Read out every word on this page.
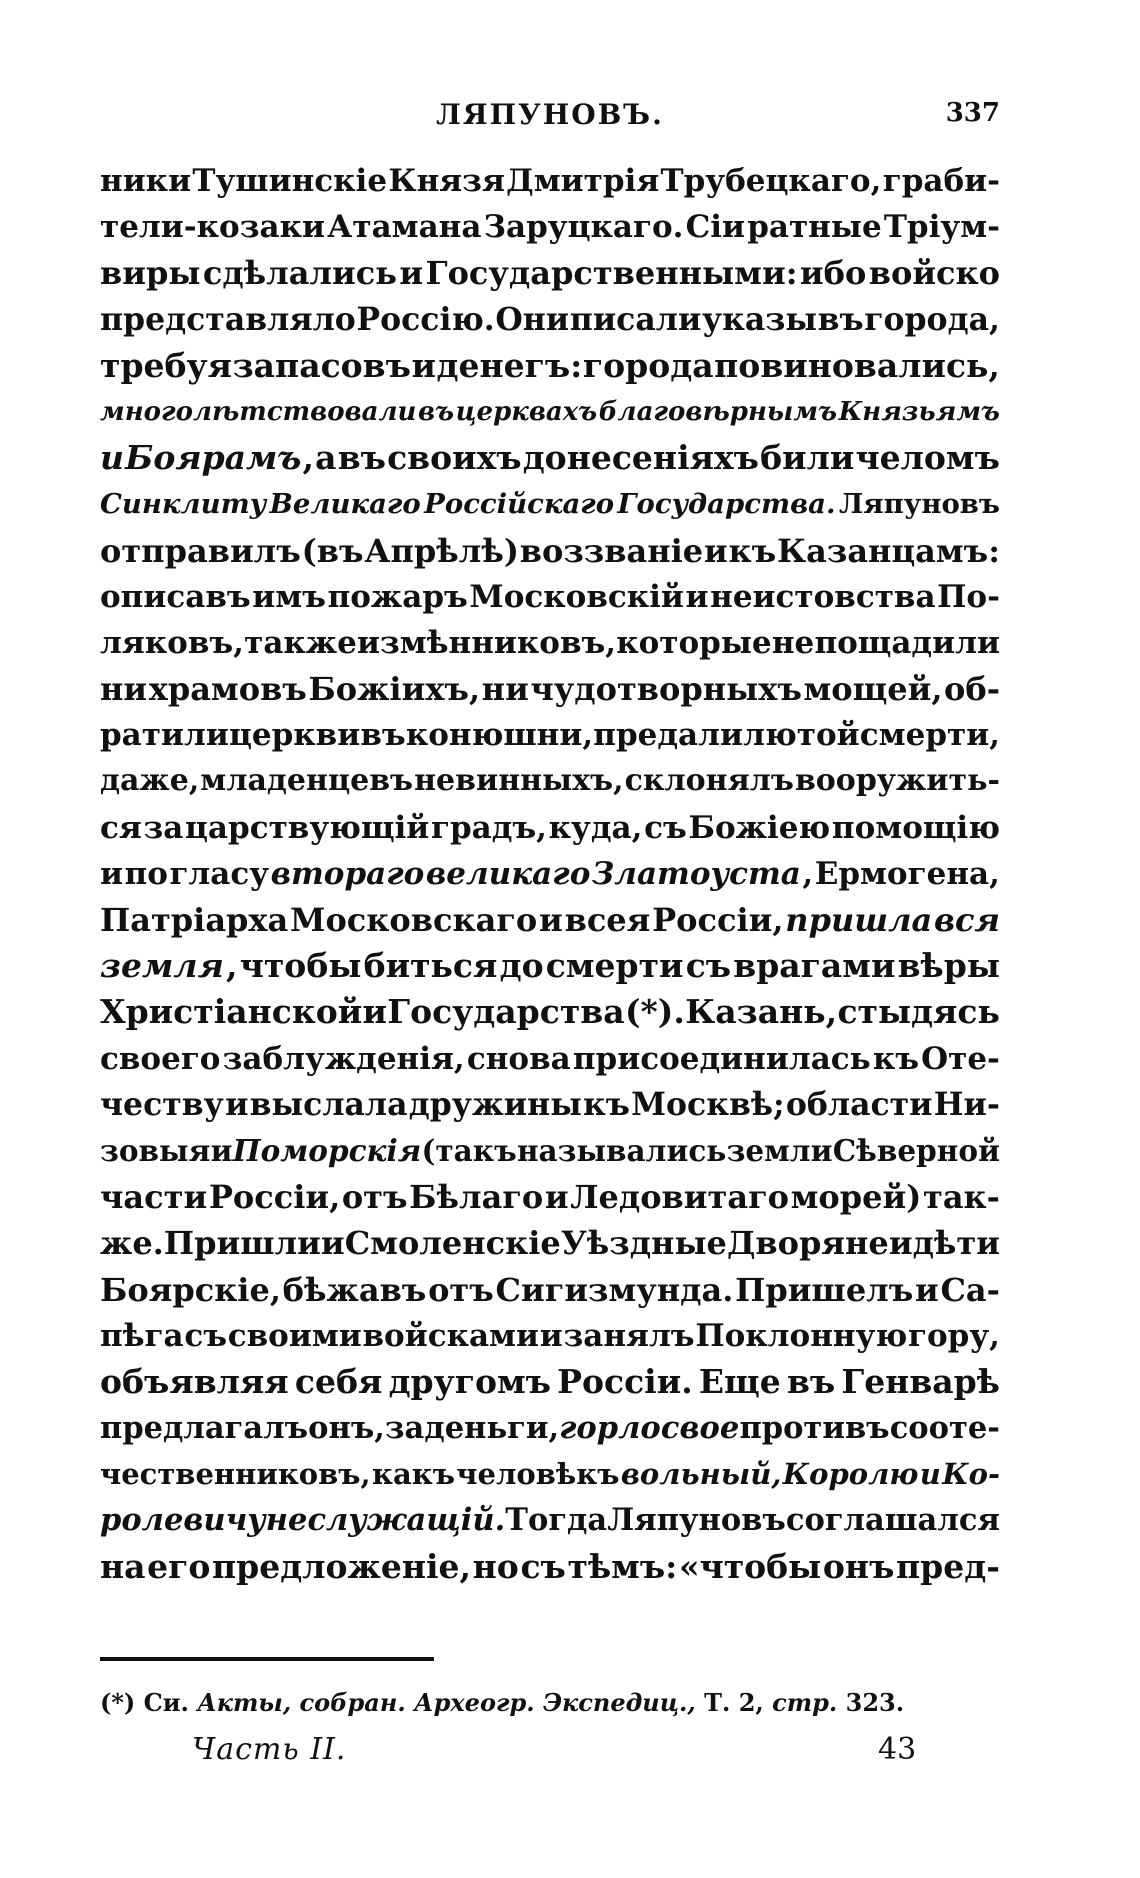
ЛЯПУНОВЪ.	337
ники Тушинскіе Князя Дмитрія Трубецкаго, граби-
тели-козаки Атамана Заруцкаго. Сіи ратные Тріум-
виры сдѣлались и Государственными: ибо войско
представляло Россію. Они писали указы въ города,
требуя запасовъ и денегъ: города повиновались,
многолѣтствовали въ церквахъ благовѣрнымъ Князьямъ
и Боярамъ , а въ своихъ донесеніяхъ били челомъ
Синклиту Великаго Россійскаго Государства. Ляпуновъ
отправилъ (въ Апрѣлѣ) воззваніе и къ Казанцамъ:
описавъ имъ пожаръ Московскій и неистовства По-
ляковъ, также измѣнниковъ, которые не пощадили
ни храмовъ Божіихъ, ни чудотворныхъ мощей, об-
ратили церкви въ конюшни, предали лютой смерти,
даже, младенцевъ невинныхъ, склонялъ вооружить-
ся за царствующій градъ, куда, съ Божіею помощію
и по гласу втораго великаго Златоуста , Ермогена,
Патріарха Московскаго и всея Россіи, пришла вся
земля , чтобы биться до смерти съ врагами вѣры
Христіанской и Государства (*). Казань, стыдясь
своего заблужденія, снова присоединилась къ Оте-
честву и выслала дружины къ Москвѣ; области Ни-
зовыя и Поморскія (такъ назывались земли Сѣверной
части Россіи, отъ Бѣлаго и Ледовитаго морей) так-
же. Пришли и Смоленскіе Уѣздные Дворяне и дѣти
Боярскіе, бѣжавъ отъ Сигизмунда. Пришелъ и Са-
пѣга съ своими войсками и занялъ Поклонную гору,
объявляя себя другомъ Россіи. Еще въ Генварѣ
предлагалъ онъ, за деньги, горло свое противъ соотe-
чественниковъ, какъ человѣкъ вольный, Королю и Ко-
ролевичу не служащій. Тогда Ляпуновъ соглашался
на его предложеніе, но съ тѣмъ: «чтобы онъ пред-
(*) Си. Акты, собран. Археогр. Экспедиц., Т. 2, стр. 323.
Часть II.	43
